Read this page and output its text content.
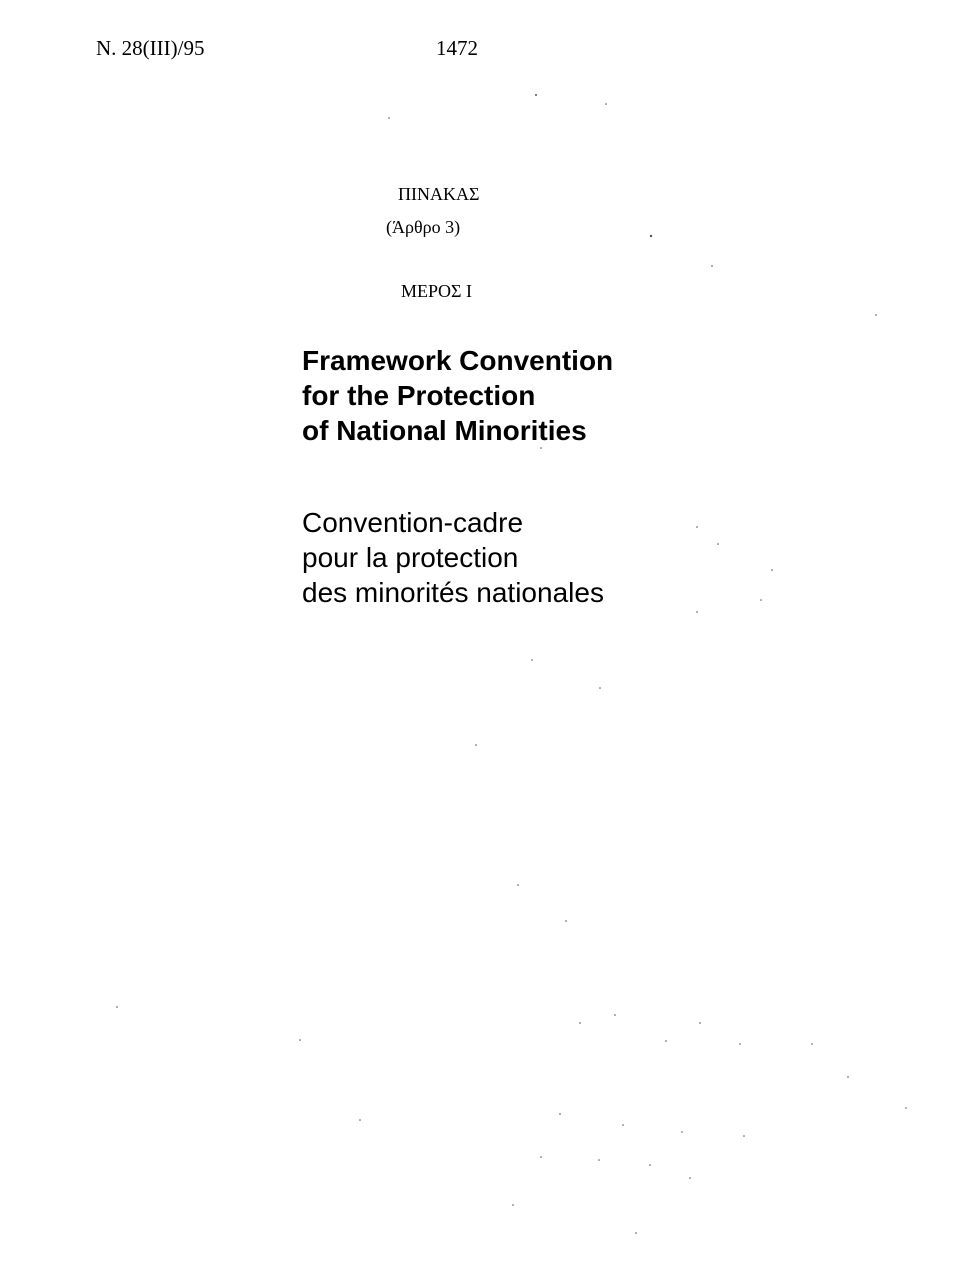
N. 28(III)/95	1472
ΠΙΝΑΚΑΣ
(Άρθρο 3)
ΜΕΡΟΣ Ι
Framework Convention
for the Protection
of National Minorities
Convention-cadre
pour la protection
des minorités nationales
